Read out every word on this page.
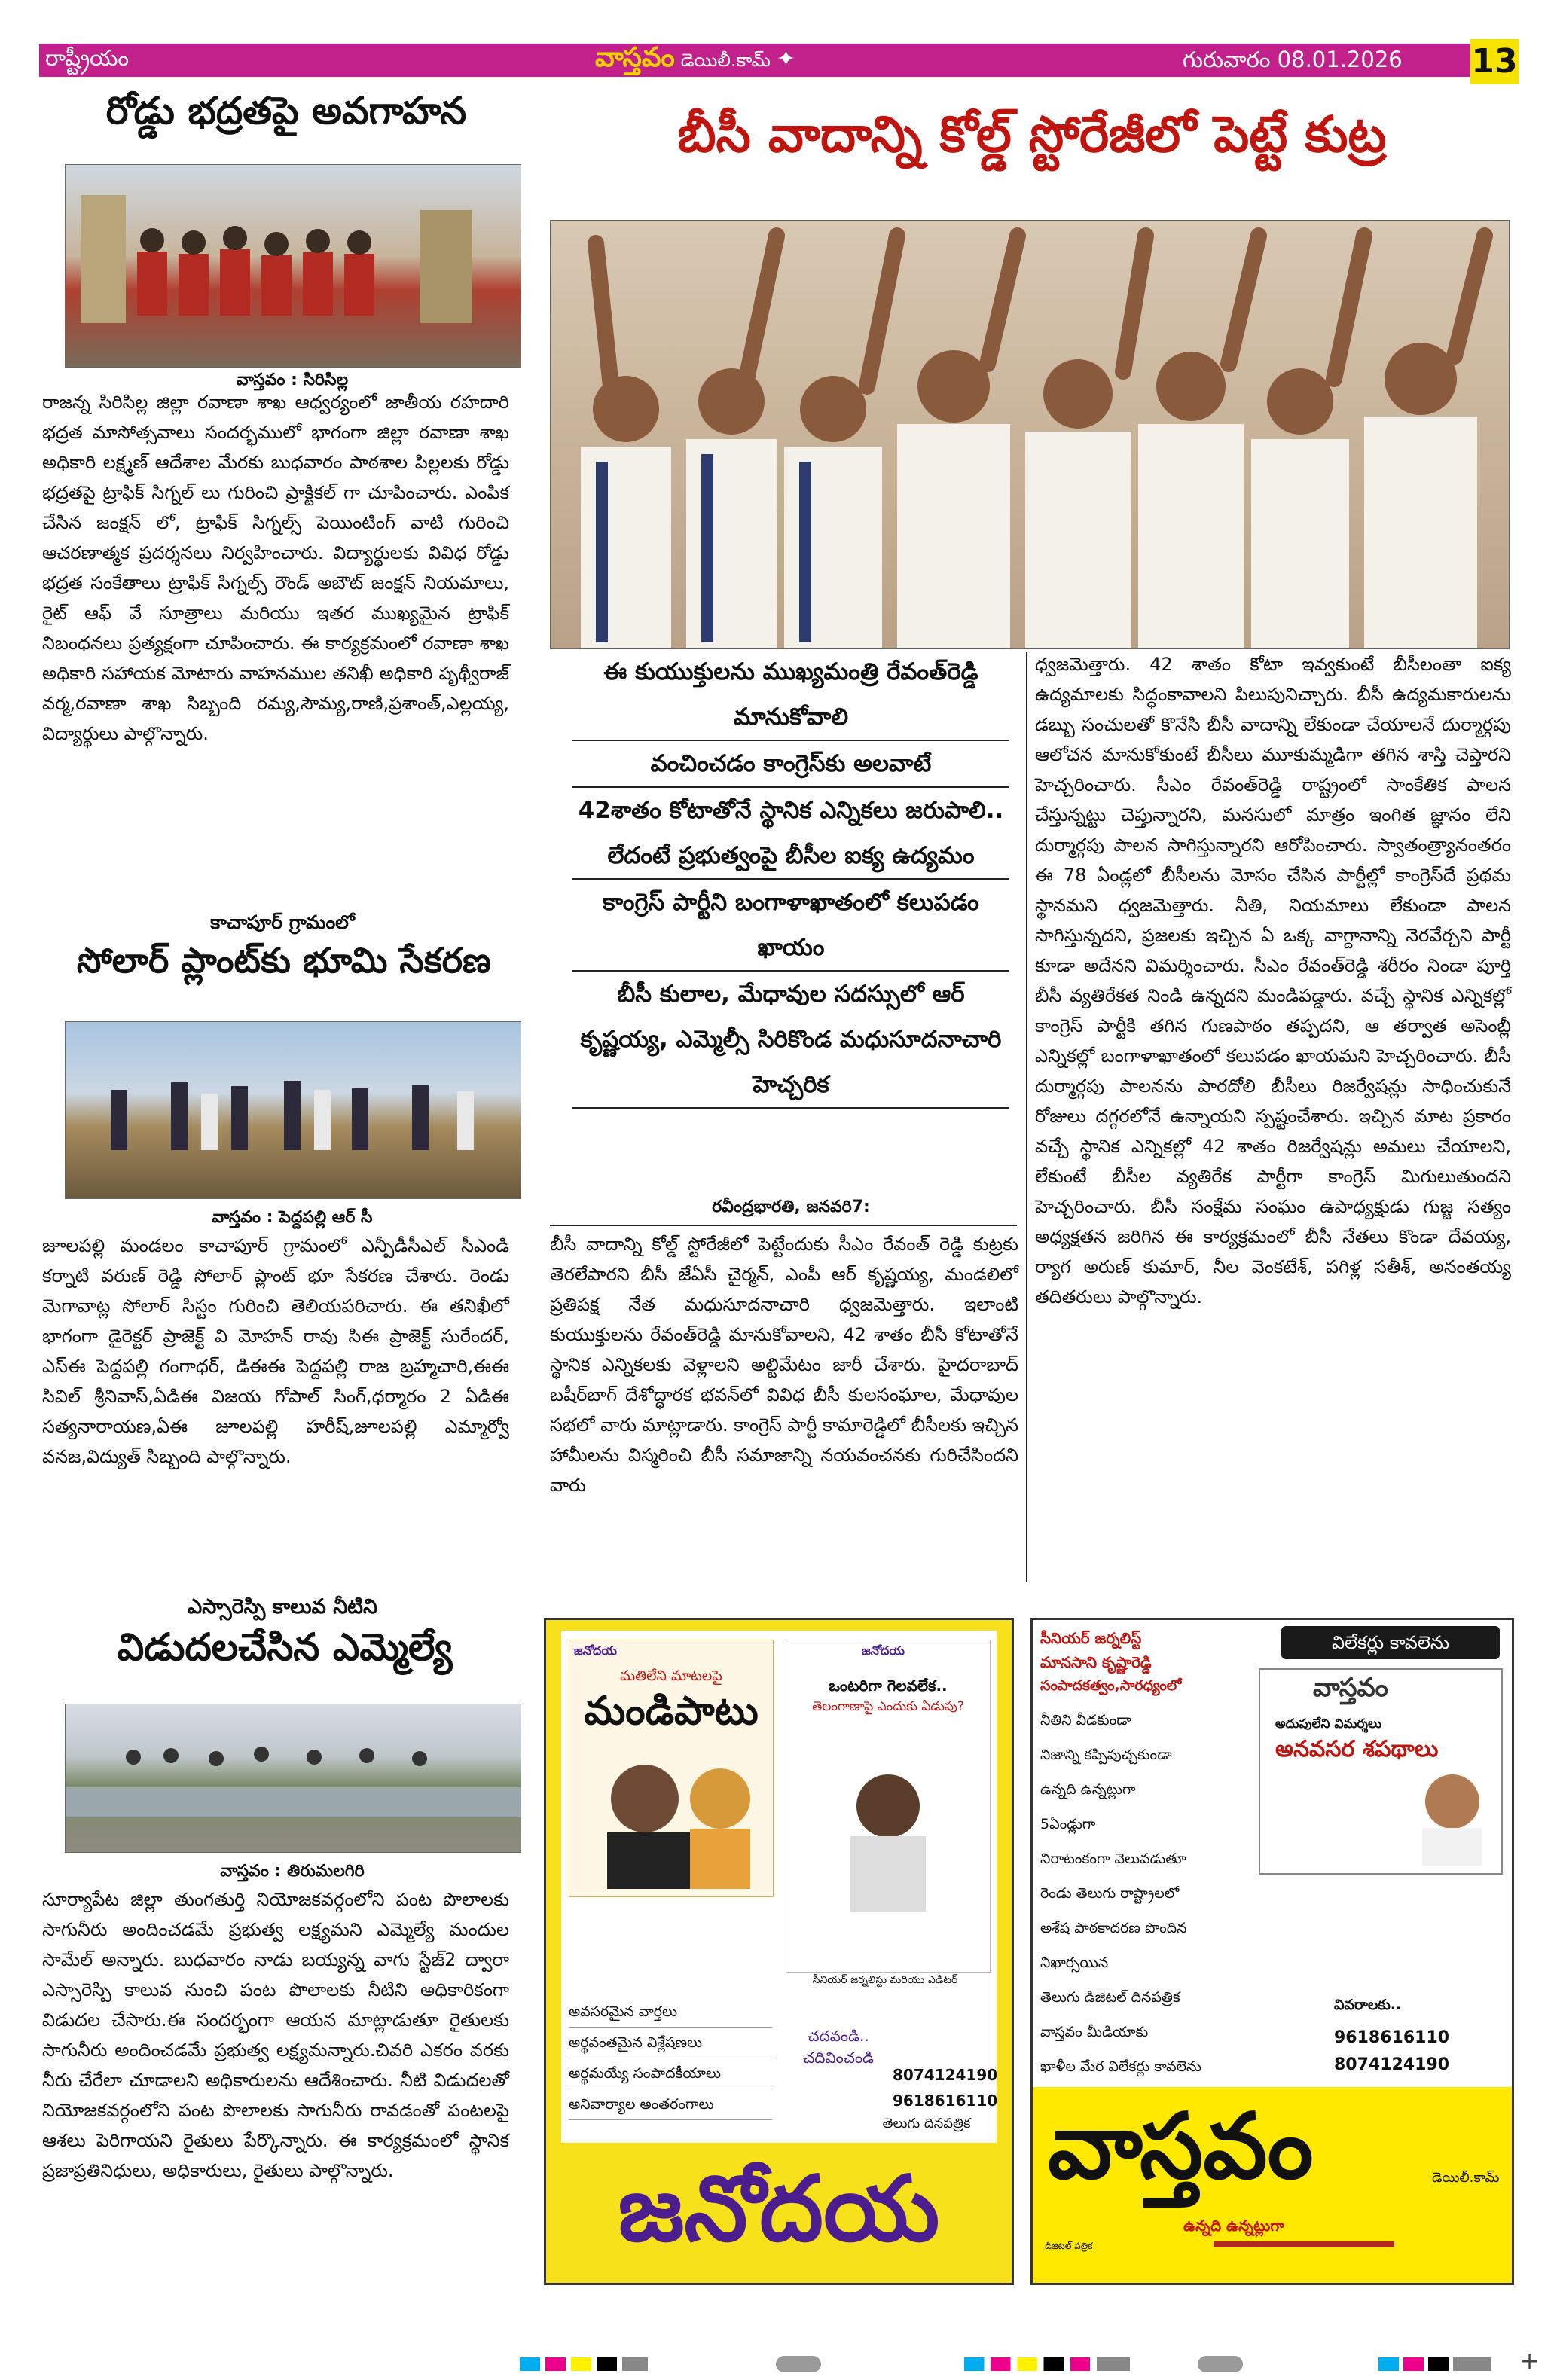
రాష్ట్రీయం	వాస్తవం డెయిలీ.కామ్ ✦	గురువారం 08.01.2026 13
రోడ్డు భద్రతపై అవగాహన
వాస్తవం : సిరిసిల్ల
రాజన్న సిరిసిల్ల జిల్లా రవాణా శాఖ ఆధ్వర్యంలో జాతీయ రహదారి భద్రత మాసోత్సవాలు సందర్భములో భాగంగా జిల్లా రవాణా శాఖ అధికారి లక్ష్మణ్ ఆదేశాల మేరకు బుధవారం పాఠశాల పిల్లలకు రోడ్డు భద్రతపై ట్రాఫిక్ సిగ్నల్ లు గురించి ప్రాక్టికల్ గా చూపించారు. ఎంపిక చేసిన జంక్షన్ లో, ట్రాఫిక్ సిగ్నల్స్ పెయింటింగ్ వాటి గురించి ఆచరణాత్మక ప్రదర్శనలు నిర్వహించారు. విద్యార్థులకు వివిధ రోడ్డు భద్రత సంకేతాలు ట్రాఫిక్ సిగ్నల్స్ రౌండ్ అబౌట్ జంక్షన్ నియమాలు, రైట్ ఆఫ్ వే సూత్రాలు మరియు ఇతర ముఖ్యమైన ట్రాఫిక్ నిబంధనలు ప్రత్యక్షంగా చూపించారు. ఈ కార్యక్రమంలో రవాణా శాఖ అధికారి సహాయక మోటారు వాహనముల తనిఖీ అధికారి పృథ్వీరాజ్ వర్మ,రవాణా శాఖ సిబ్బంది రమ్య,సౌమ్య,రాణి,ప్రశాంత్,ఎల్లయ్య, విద్యార్థులు పాల్గొన్నారు.
కాచాపూర్ గ్రామంలో
సోలార్ ప్లాంట్‌కు భూమి సేకరణ
వాస్తవం : పెద్దపల్లి ఆర్ సీ
జూలపల్లి మండలం కాచాపూర్ గ్రామంలో ఎన్పీడీసీఎల్ సీఎండి కర్నాటి వరుణ్ రెడ్డి సోలార్ ప్లాంట్ భూ సేకరణ చేశారు. రెండు మెగావాట్ల సోలార్ సిస్టం గురించి తెలియపరిచారు. ఈ తనిఖీలో భాగంగా డైరెక్టర్ ప్రాజెక్ట్ వి మోహన్ రావు సిఈ ప్రాజెక్ట్ సురేందర్, ఎస్ఈ పెద్దపల్లి గంగాధర్, డిఈఈ పెద్దపల్లి రాజ బ్రహ్మచారి,ఈఈ సివిల్ శ్రీనివాస్,ఏడిఈ విజయ గోపాల్ సింగ్,ధర్మారం 2 ఏడిఈ సత్యనారాయణ,ఏఈ జూలపల్లి హరీష్,జూలపల్లి ఎమ్మార్వో వనజ,విద్యుత్ సిబ్బంది పాల్గొన్నారు.
ఎస్సారెస్పి కాలువ నీటిని
విడుదలచేసిన ఎమ్మెల్యే
వాస్తవం : తిరుమలగిరి
సూర్యాపేట జిల్లా తుంగతుర్తి నియోజకవర్గంలోని పంట పొలాలకు సాగునీరు అందించడమే ప్రభుత్వ లక్ష్యమని ఎమ్మెల్యే మందుల సామేల్ అన్నారు. బుధవారం నాడు బయ్యన్న వాగు స్టేజ్2 ద్వారా ఎస్సారెస్పి కాలువ నుంచి పంట పొలాలకు నీటిని అధికారికంగా విడుదల చేసారు.ఈ సందర్భంగా ఆయన మాట్లాడుతూ రైతులకు సాగునీరు అందించడమే ప్రభుత్వ లక్ష్యమన్నారు.చివరి ఎకరం వరకు నీరు చేరేలా చూడాలని అధికారులను ఆదేశించారు. నీటి విడుదలతో నియోజకవర్గంలోని పంట పొలాలకు సాగునీరు రావడంతో పంటలపై ఆశలు పెరిగాయని రైతులు పేర్కొన్నారు. ఈ కార్యక్రమంలో స్థానిక ప్రజాప్రతినిధులు, అధికారులు, రైతులు పాల్గొన్నారు.
బీసీ వాదాన్ని కోల్డ్ స్టోరేజీలో పెట్టే కుట్ర
ఈ కుయుక్తులను ముఖ్యమంత్రి రేవంత్‌రెడ్డి మానుకోవాలి
వంచించడం కాంగ్రెస్‌కు అలవాటే
42శాతం కోటాతోనే స్థానిక ఎన్నికలు జరుపాలి.. లేదంటే ప్రభుత్వంపై బీసీల ఐక్య ఉద్యమం
కాంగ్రెస్ పార్టీని బంగాళాఖాతంలో కలుపడం ఖాయం
బీసీ కులాల, మేధావుల సదస్సులో ఆర్ కృష్ణయ్య, ఎమ్మెల్సీ సిరికొండ మధుసూదనాచారి హెచ్చరిక
రవీంద్రభారతి, జనవరి7:
బీసీ వాదాన్ని కోల్డ్ స్టోరేజీలో పెట్టేందుకు సీఎం రేవంత్ రెడ్డి కుట్రకు తెరలేపారని బీసీ జేఏసీ చైర్మన్, ఎంపీ ఆర్ కృష్ణయ్య, మండలిలో ప్రతిపక్ష నేత మధుసూదనాచారి ధ్వజమెత్తారు. ఇలాంటి కుయుక్తులను రేవంత్‌రెడ్డి మానుకోవాలని, 42 శాతం బీసీ కోటాతోనే స్థానిక ఎన్నికలకు వెళ్లాలని అల్టిమేటం జారీ చేశారు. హైదరాబాద్ బషీర్‌బాగ్ దేశోద్ధారక భవన్‌లో వివిధ బీసీ కులసంఘాల, మేధావుల సభలో వారు మాట్లాడారు. కాంగ్రెస్ పార్టీ కామారెడ్డిలో బీసీలకు ఇచ్చిన హామీలను విస్మరించి బీసీ సమాజాన్ని నయవంచనకు గురిచేసిందని వారు
ధ్వజమెత్తారు. 42 శాతం కోటా ఇవ్వకుంటే బీసీలంతా ఐక్య ఉద్యమాలకు సిద్ధంకావాలని పిలుపునిచ్చారు. బీసీ ఉద్యమకారులను డబ్బు సంచులతో కొనేసి బీసీ వాదాన్ని లేకుండా చేయాలనే దుర్మార్గపు ఆలోచన మానుకోకుంటే బీసీలు మూకుమ్మడిగా తగిన శాస్తి చెప్తారని హెచ్చరించారు. సీఎం రేవంత్‌రెడ్డి రాష్ట్రంలో సాంకేతిక పాలన చేస్తున్నట్టు చెప్తున్నారని, మనసులో మాత్రం ఇంగిత జ్ఞానం లేని దుర్మార్గపు పాలన సాగిస్తున్నారని ఆరోపించారు. స్వాతంత్ర్యానంతరం ఈ 78 ఏండ్లలో బీసీలను మోసం చేసిన పార్టీల్లో కాంగ్రెస్‌దే ప్రథమ స్థానమని ధ్వజమెత్తారు. నీతి, నియమాలు లేకుండా పాలన సాగిస్తున్నదని, ప్రజలకు ఇచ్చిన ఏ ఒక్క వాగ్దానాన్ని నెరవేర్చని పార్టీ కూడా అదేనని విమర్శించారు. సీఎం రేవంత్‌రెడ్డి శరీరం నిండా పూర్తి బీసీ వ్యతిరేకత నిండి ఉన్నదని మండిపడ్డారు. వచ్చే స్థానిక ఎన్నికల్లో కాంగ్రెస్ పార్టీకి తగిన గుణపాఠం తప్పదని, ఆ తర్వాత అసెంబ్లీ ఎన్నికల్లో బంగాళాఖాతంలో కలుపడం ఖాయమని హెచ్చరించారు. బీసీ దుర్మార్గపు పాలనను పారదోలి బీసీలు రిజర్వేషన్లు సాధించుకునే రోజులు దగ్గరలోనే ఉన్నాయని స్పష్టంచేశారు. ఇచ్చిన మాట ప్రకారం వచ్చే స్థానిక ఎన్నికల్లో 42 శాతం రిజర్వేషన్లు అమలు చేయాలని, లేకుంటే బీసీల వ్యతిరేక పార్టీగా కాంగ్రెస్ మిగులుతుందని హెచ్చరించారు. బీసీ సంక్షేమ సంఘం ఉపాధ్యక్షుడు గుజ్జ సత్యం అధ్యక్షతన జరిగిన ఈ కార్యక్రమంలో బీసీ నేతలు కొండా దేవయ్య, ర్యాగ అరుణ్ కుమార్, నీల వెంకటేశ్, పగిళ్ల సతీశ్, అనంతయ్య తదితరులు పాల్గొన్నారు.
జనోదయ
మతిలేని మాటలపై
మండిపాటు
జనోదయ
ఒంటరిగా గెలవలేక..
తెలంగాణాపై ఎందుకు ఏడుపు?
సీనియర్ జర్నలిస్టు మరియు ఎడిటర్
అవసరమైన వార్తలు
అర్థవంతమైన విశ్లేషణలు
అర్థమయ్యే సంపాదకీయాలు
అనివార్యాల అంతరంగాలు
చదవండి.. చదివించండి
8074124190
9618616110
తెలుగు దినపత్రిక
జనోదయ
సీనియర్ జర్నలిస్ట్
మానసాని కృష్ణారెడ్డి
సంపాదకత్వం,సారధ్యంలో
విలేకర్లు కావలెను
నీతిని వీడకుండా
నిజాన్ని కప్పిపుచ్చకుండా
ఉన్నది ఉన్నట్లుగా
5ఏండ్లుగా
నిరాటంకంగా వెలువడుతూ
రెండు తెలుగు రాష్ట్రాలలో
అశేష పాఠకాదరణ పొందిన
నిఖార్సయిన
తెలుగు డిజిటల్ దినపత్రిక
వాస్తవం మీడియాకు
ఖాళీల మేర విలేకర్లు కావలెను
వాస్తవం
అదుపులేని విమర్శలు
అనవసర శపథాలు
వివరాలకు..
9618616110
8074124190
వాస్తవం	డెయిలీ.కామ్
ఉన్నది ఉన్నట్లుగా
డిజిటల్ పత్రిక
+
